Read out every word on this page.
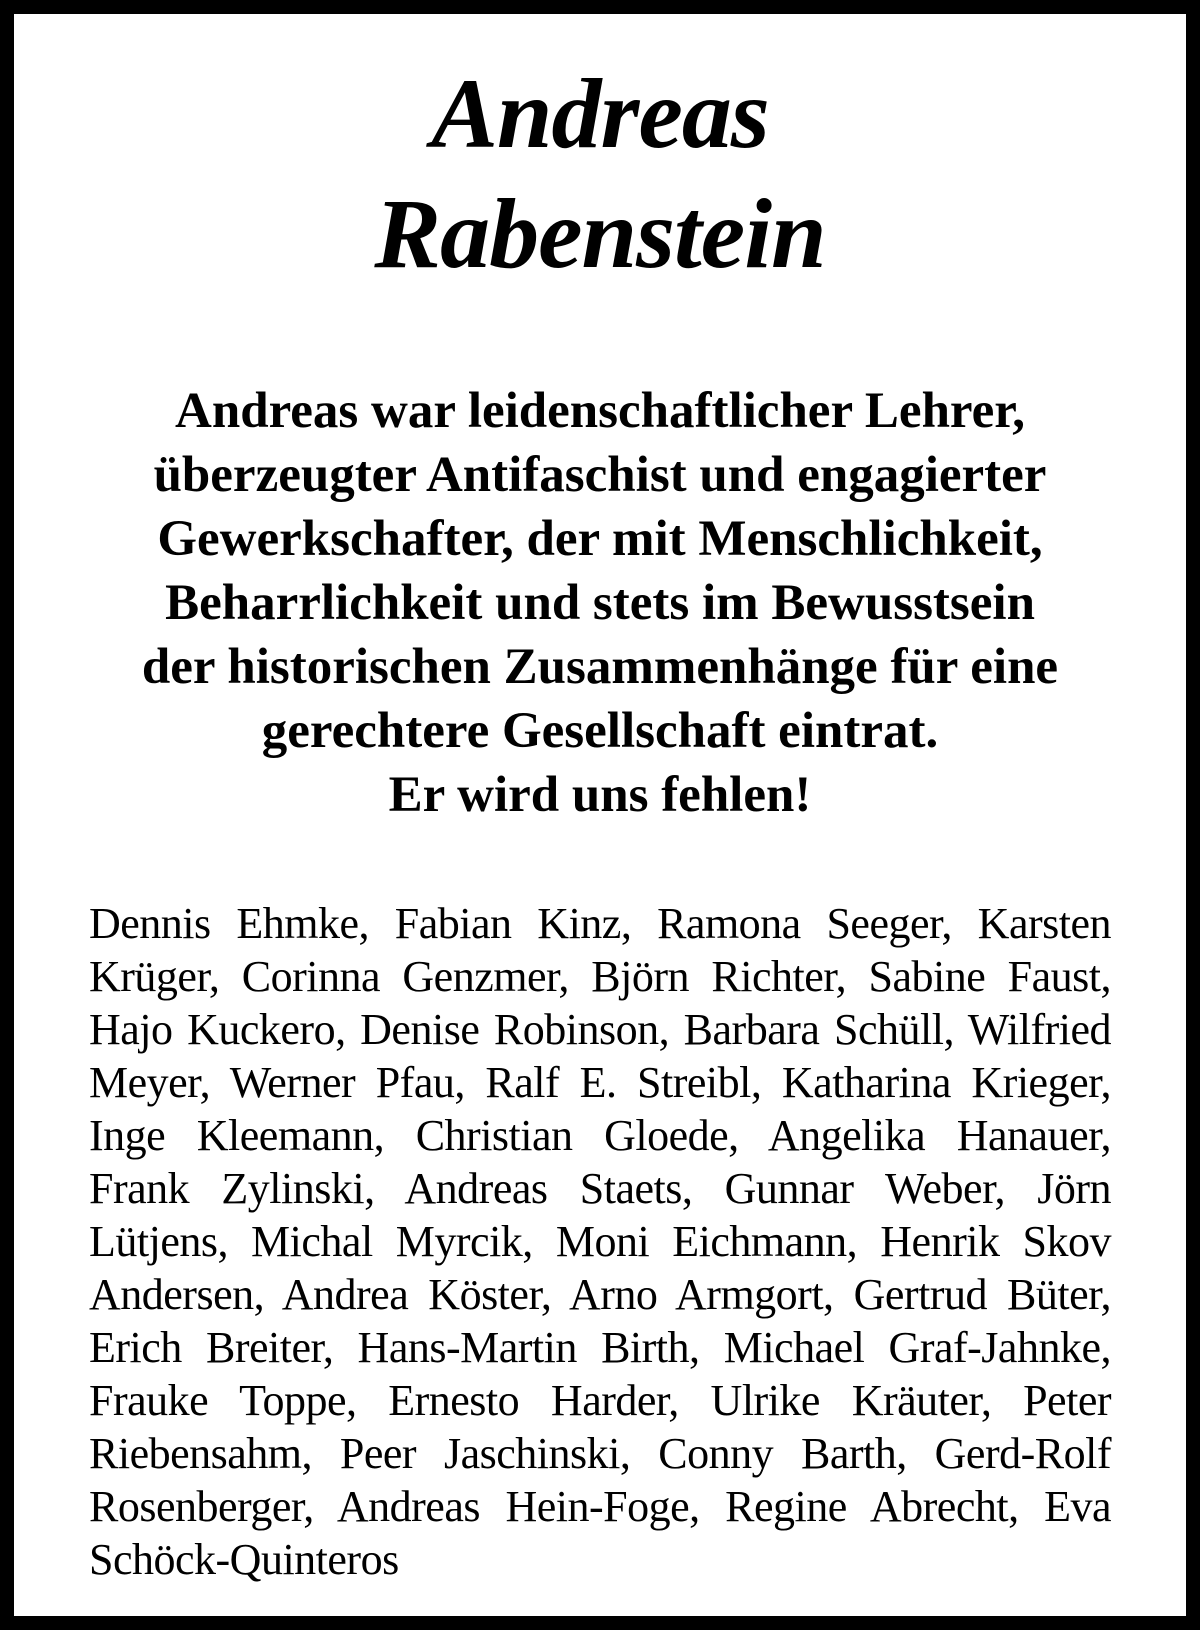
Andreas
Rabenstein
Andreas war leidenschaftlicher Lehrer,
überzeugter Antifaschist und engagierter
Gewerkschafter, der mit Menschlichkeit,
Beharrlichkeit und stets im Bewusstsein
der historischen Zusammenhänge für eine
gerechtere Gesellschaft eintrat.
Er wird uns fehlen!

Dennis Ehmke, Fabian Kinz, Ramona Seeger, Karsten Krüger, Corinna Genzmer, Björn Richter, Sabine Faust, Hajo Kuckero, Denise Robinson, Barbara Schüll, Wilfried Meyer, Werner Pfau, Ralf E. Streibl, Katharina Krieger, Inge Kleemann, Christian Gloede, Angelika Hanauer, Frank Zylinski, Andreas Staets, Gunnar Weber, Jörn Lütjens, Michal Myrcik, Moni Eichmann, Henrik Skov Andersen, Andrea Köster, Arno Armgort, Gertrud Büter, Erich Breiter, Hans-Martin Birth, Michael Graf-Jahnke, Frauke Toppe, Ernesto Harder, Ulrike Kräuter, Peter Riebensahm, Peer Jaschinski, Conny Barth, Gerd-Rolf Rosenberger, Andreas Hein-Foge, Regine Abrecht, Eva Schöck-Quinteros
